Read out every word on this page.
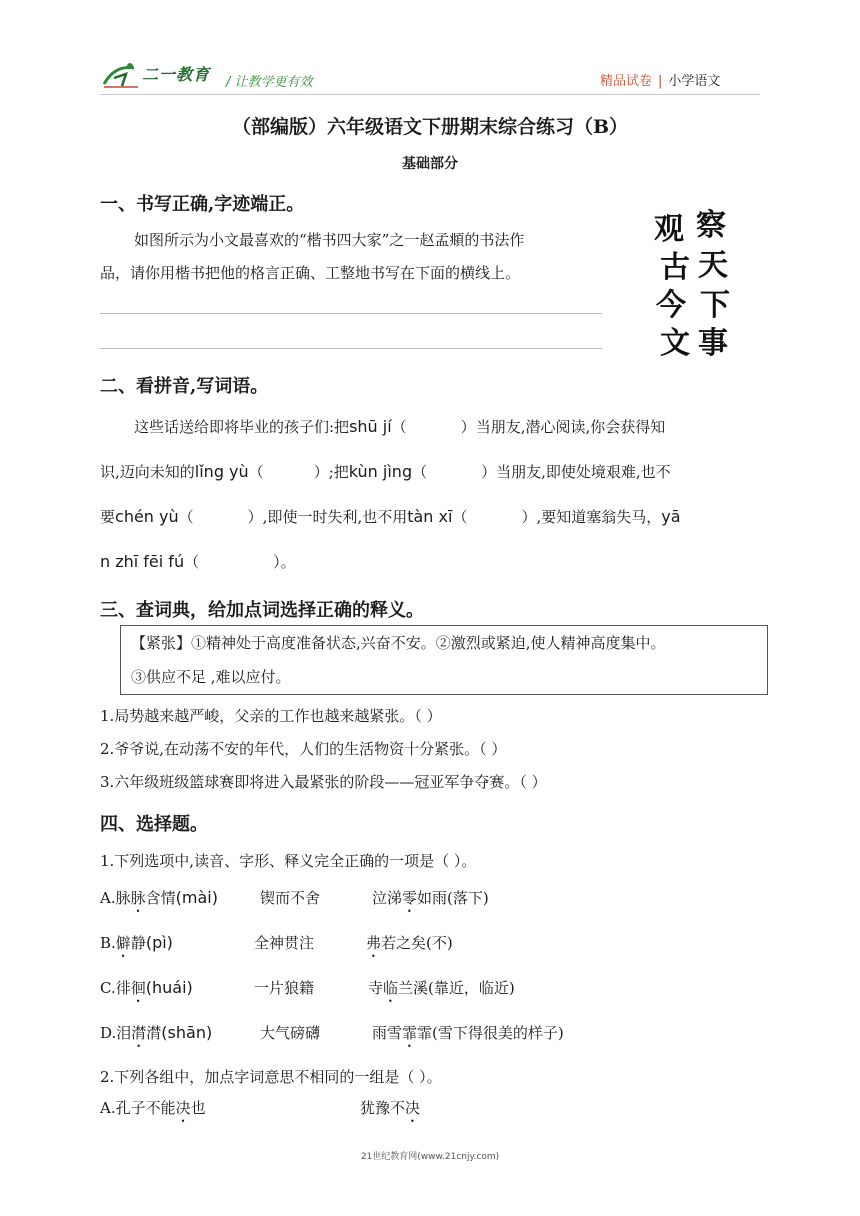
二一教育 / 让教学更有效	精品试卷 | 小学语文
（部编版）六年级语文下册期末综合练习（B）
基础部分
一、书写正确,字迹端正。
如图所示为小文最喜欢的“楷书四大家”之一赵孟頫的书法作
品，请你用楷书把他的格言正确、工整地书写在下面的横线上。
观
古
今
文
察
天
下
事
二、看拼音,写词语。
这些话送给即将毕业的孩子们:把shū jí（	）当朋友,潜心阅读,你会获得知
识,迈向未知的lǐng yù（	）;把kùn jìng（	）当朋友,即使处境艰难,也不
要chén yù（	）,即使一时失利,也不用tàn xī（	）,要知道塞翁失马，yā
n zhī fēi fú（	）。
三、查词典，给加点词选择正确的释义。
【紧张】①精神处于高度准备状态,兴奋不安。②激烈或紧迫,使人精神高度集中。
③供应不足 ,难以应付。
1.局势越来越严峻，父亲的工作也越来越紧张。（ ）
2.爷爷说,在动荡不安的年代，人们的生活物资十分紧张。（ ）
3.六年级班级篮球赛即将进入最紧张的阶段——冠亚军争夺赛。（ ）
四、选择题。
1.下列选项中,读音、字形、释义完全正确的一项是（ ）。
A.脉脉含情(mài)	锲而不舍	泣涕零如雨(落下)
B.僻静(pì)	全神贯注	弗若之矣(不)
C.徘徊(huái)	一片狼籍	寺临兰溪(靠近，临近)
D.泪潸潸(shān)	大气磅礴	雨雪霏霏(雪下得很美的样子)
2.下列各组中，加点字词意思不相同的一组是（ ）。
A.孔子不能决也	犹豫不决
21世纪教育网(www.21cnjy.com)
